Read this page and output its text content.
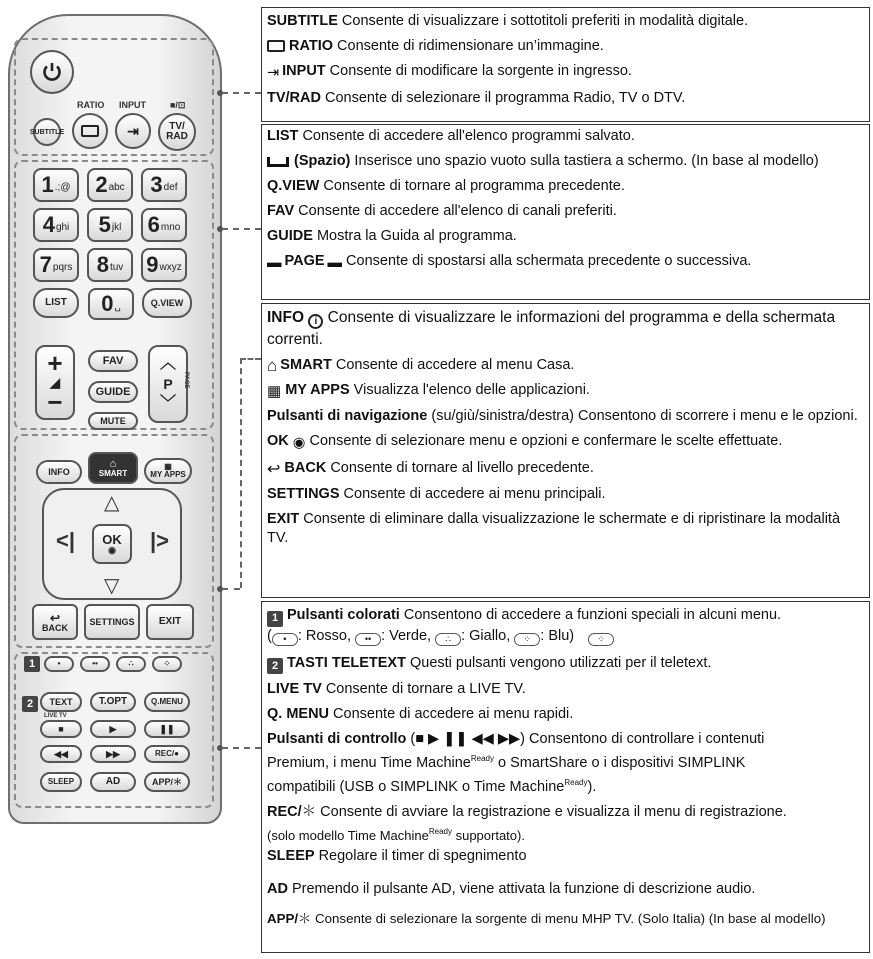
RATIO INPUT	■/⊡
SUBTITLE	⇥	TV/ RAD
1 .;@ 2 abc 3 def
4 ghi 5 jkl 6 mno
7 pqrs 8 tuv 9 wxyz
LIST 0 ␣	Q.VIEW
+
◢
−
FAV
GUIDE
MUTE
︿
P
﹀
PAGE
INFO
⌂
SMART
▦
MY APPS
△
▽
<|	|>
OK
◉
↩
BACK
SETTINGS EXIT
1	•	••	∴	⁘
2	TEXT
LIVE TV
T.OPT	Q.MENU
■	▶	❚❚
◀◀	▶▶	REC/●
SLEEP	AD	APP/＊
SUBTITLE Consente di visualizzare i sottotitoli preferiti in modalità digitale.
RATIO Consente di ridimensionare un’immagine.
⇥ INPUT Consente di modificare la sorgente in ingresso.
TV/RAD Consente di selezionare il programma Radio, TV o DTV.
LIST Consente di accedere all'elenco programmi salvato.
(Spazio) Inserisce uno spazio vuoto sulla tastiera a schermo. (In base al modello)
Q.VIEW Consente di tornare al programma precedente.
FAV Consente di accedere all'elenco di canali preferiti.
GUIDE Mostra la Guida al programma.
▬ PAGE ▬ Consente di spostarsi alla schermata precedente o successiva.
INFO i Consente di visualizzare le informazioni del programma e della schermata correnti.
⌂ SMART Consente di accedere al menu Casa.
▦ MY APPS Visualizza l'elenco delle applicazioni.
Pulsanti di navigazione (su/giù/sinistra/destra) Consentono di scorrere i menu e le opzioni.
OK ◉ Consente di selezionare menu e opzioni e confermare le scelte effettuate.
↩ BACK Consente di tornare al livello precedente.
SETTINGS Consente di accedere ai menu principali.
EXIT Consente di eliminare dalla visualizzazione le schermate e di ripristinare la modalità TV.
1 Pulsanti colorati Consentono di accedere a funzioni speciali in alcuni menu.
( • : Rosso, •• : Verde, ∴ : Giallo, ⁘ : Blu)	⁘
2 TASTI TELETEXT Questi pulsanti vengono utilizzati per il teletext.
LIVE TV Consente di tornare a LIVE TV.
Q. MENU Consente di accedere ai menu rapidi.
Pulsanti di controllo (■ ▶ ❚❚ ◀◀ ▶▶) Consentono di controllare i contenuti
Premium, i menu Time Machine$^{Ready}$ o SmartShare o i dispositivi SIMPLINK
compatibili (USB o SIMPLINK o Time Machine$^{Ready}$).
REC/＊ Consente di avviare la registrazione e visualizza il menu di registrazione.
(solo modello Time Machine$^{Ready}$ supportato).
SLEEP Regolare il timer di spegnimento
AD Premendo il pulsante AD, viene attivata la funzione di descrizione audio.
APP/＊ Consente di selezionare la sorgente di menu MHP TV. (Solo Italia) (In base al modello)
